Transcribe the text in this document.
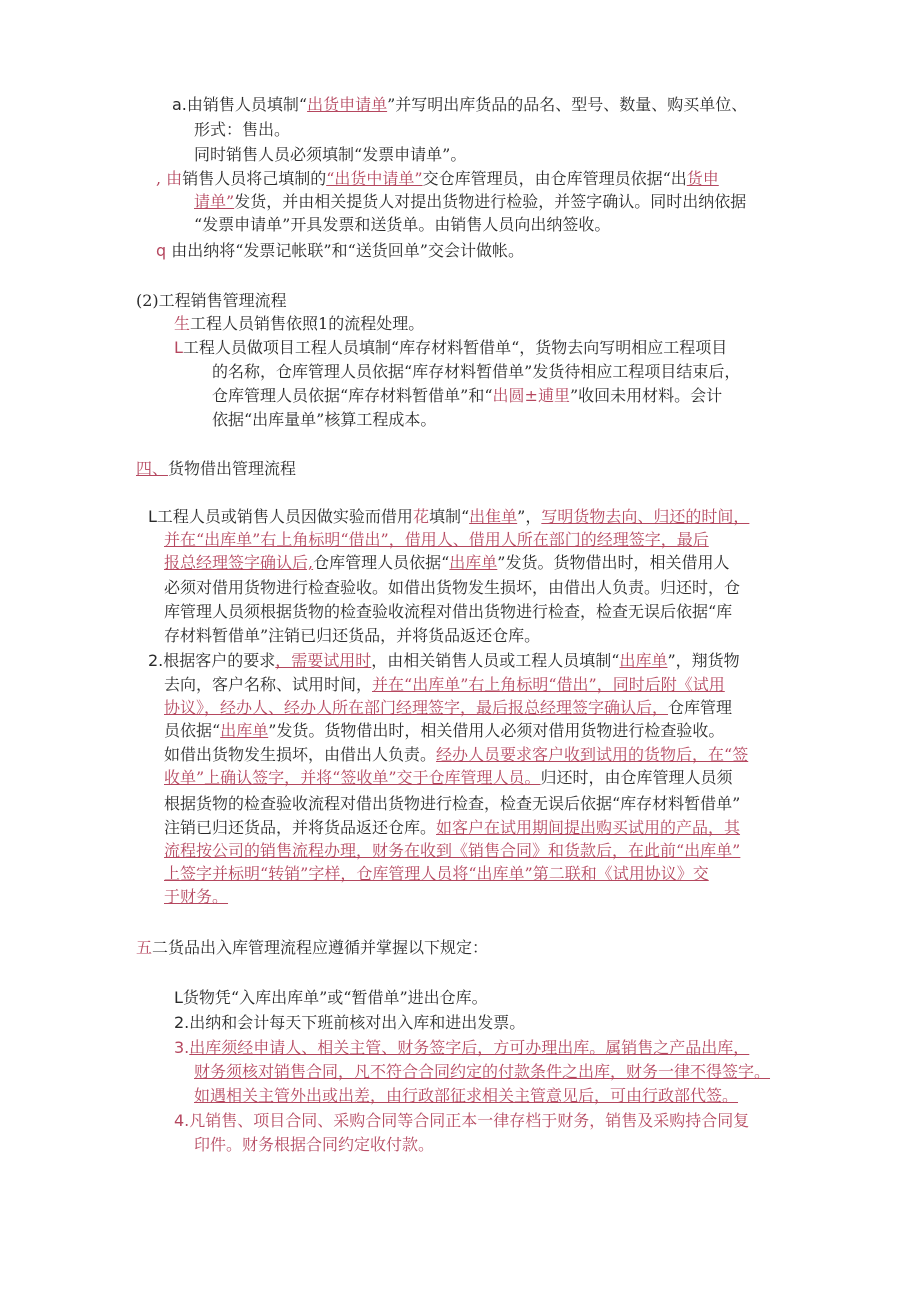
a.由销售人员填制“出货申请单”并写明出库货品的品名、型号、数量、购买单位、
形式：售出。
同时销售人员必须填制“发票申请单”。
, 由销售人员将己填制的“出货中请单”交仓库管理员，由仓库管理员依据“出货申
请单”发货，并由相关提货人对提出货物进行检验，并签字确认。同时出纳依据
“发票申请单”开具发票和送货单。由销售人员向出纳签收。
q 由出纳将“发票记帐联”和“送货回单”交会计做帐。
(2)工程销售管理流程
生工程人员销售依照1的流程处理。
L工程人员做项目工程人员填制“库存材料暂借单“，货物去向写明相应工程项目
的名称，仓库管理人员依据“库存材料暂借单”发货待相应工程项目结束后，
仓库管理人员依据“库存材料暂借单”和“出圆±逋里”收回未用材料。会计
依据“出库量单”核算工程成本。
四、货物借出管理流程
L工程人员或销售人员因做实验而借用花填制“出隹单”，写明货物去向、归还的时间，
并在“出库单”右上角标明“借出”，借用人、借用人所在部门的经理签字，最后
报总经理签字确认后,仓库管理人员依据“出库单”发货。货物借出时，相关借用人
必须对借用货物进行检查验收。如借出货物发生损坏，由借出人负责。归还时，仓
库管理人员须根据货物的检查验收流程对借出货物进行检查，检查无误后依据“库
存材料暂借单”注销已归还货品，并将货品返还仓库。
2.根据客户的要求，需要试用时，由相关销售人员或工程人员填制“出库单”，翔货物
去向，客户名称、试用时间，并在“出库单”右上角标明“借出”，同时后附《试用
协议》，经办人、经办人所在部门经理签字，最后报总经理签字确认后，仓库管理
员依据“出库单”发货。货物借出时，相关借用人必须对借用货物进行检查验收。
如借出货物发生损坏，由借出人负责。经办人员要求客户收到试用的货物后，在“签
收单”上确认签字，并将“签收单”交于仓库管理人员。归还时，由仓库管理人员须
根据货物的检查验收流程对借出货物进行检查，检查无误后依据“库存材料暂借单”
注销已归还货品，并将货品返还仓库。如客户在试用期间提出购买试用的产品，其
流程按公司的销售流程办理，财务在收到《销售合同》和货款后，在此前“出库单”
上签字并标明“转销”字样，仓库管理人员将“出库单”第二联和《试用协议》交
于财务。
五二货品出入库管理流程应遵循并掌握以下规定：
L货物凭“入库出库单”或“暂借单”进出仓库。
2.出纳和会计每天下班前核对出入库和进出发票。
3.出库须经申请人、相关主管、财务签字后，方可办理出库。属销售之产品出库，
财务须核对销售合同，凡不符合合同约定的付款条件之出库，财务一律不得签字。
如遇相关主管外出或出差，由行政部征求相关主管意见后，可由行政部代签。
4.凡销售、项目合同、采购合同等合同正本一律存档于财务，销售及采购持合同复
印件。财务根据合同约定收付款。
